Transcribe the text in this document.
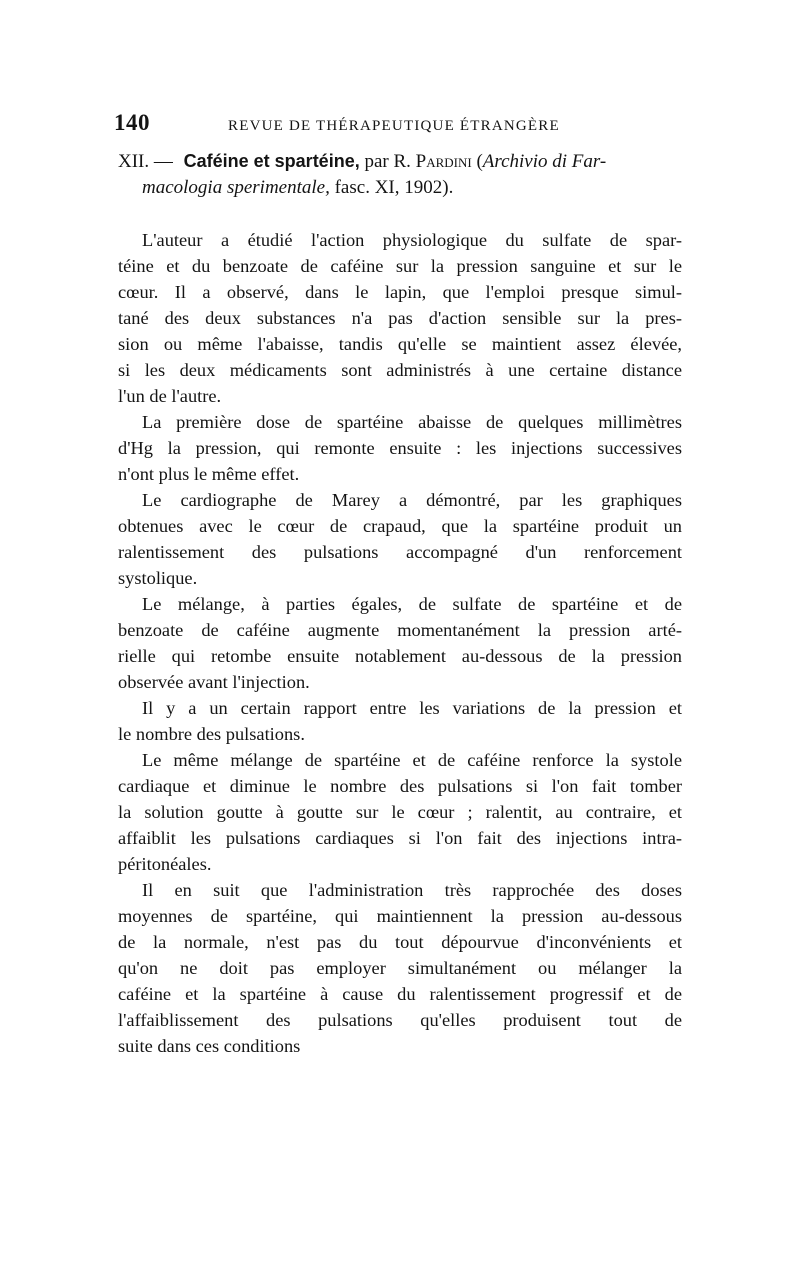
140	REVUE DE THÉRAPEUTIQUE ÉTRANGÈRE
XII. — Caféine et spartéine, par R. Pardini (Archivio di Far-
macologia sperimentale, fasc. XI, 1902).

L'auteur a étudié l'action physiologique du sulfate de spar-
téine et du benzoate de caféine sur la pression sanguine et sur le
cœur. Il a observé, dans le lapin, que l'emploi presque simul-
tané des deux substances n'a pas d'action sensible sur la pres-
sion ou même l'abaisse, tandis qu'elle se maintient assez élevée,
si les deux médicaments sont administrés à une certaine distance
l'un de l'autre.

La première dose de spartéine abaisse de quelques millimètres
d'Hg la pression, qui remonte ensuite : les injections successives
n'ont plus le même effet.

Le cardiographe de Marey a démontré, par les graphiques
obtenues avec le cœur de crapaud, que la spartéine produit un
ralentissement des pulsations accompagné d'un renforcement
systolique.

Le mélange, à parties égales, de sulfate de spartéine et de
benzoate de caféine augmente momentanément la pression arté-
rielle qui retombe ensuite notablement au-dessous de la pression
observée avant l'injection.

Il y a un certain rapport entre les variations de la pression et
le nombre des pulsations.

Le même mélange de spartéine et de caféine renforce la systole
cardiaque et diminue le nombre des pulsations si l'on fait tomber
la solution goutte à goutte sur le cœur ; ralentit, au contraire, et
affaiblit les pulsations cardiaques si l'on fait des injections intra-
péritonéales.

Il en suit que l'administration très rapprochée des doses
moyennes de spartéine, qui maintiennent la pression au-dessous
de la normale, n'est pas du tout dépourvue d'inconvénients et
qu'on ne doit pas employer simultanément ou mélanger la
caféine et la spartéine à cause du ralentissement progressif et de
l'affaiblissement des pulsations qu'elles produisent tout de
suite dans ces conditions
